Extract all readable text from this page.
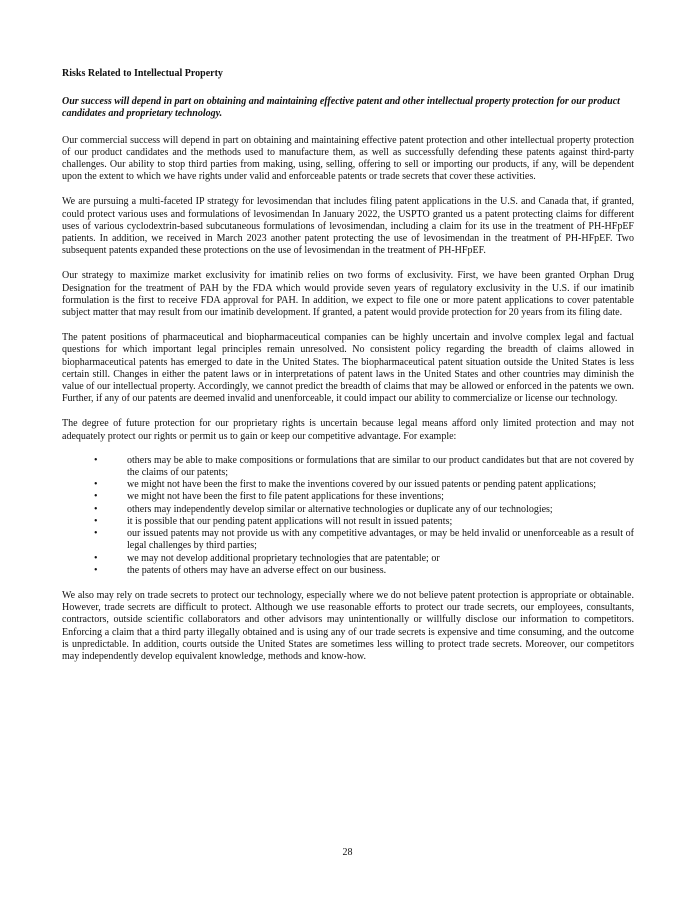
Risks Related to Intellectual Property
Our success will depend in part on obtaining and maintaining effective patent and other intellectual property protection for our product candidates and proprietary technology.

Our commercial success will depend in part on obtaining and maintaining effective patent protection and other intellectual property protection of our product candidates and the methods used to manufacture them, as well as successfully defending these patents against third-party challenges. Our ability to stop third parties from making, using, selling, offering to sell or importing our products, if any, will be dependent upon the extent to which we have rights under valid and enforceable patents or trade secrets that cover these activities.

We are pursuing a multi-faceted IP strategy for levosimendan that includes filing patent applications in the U.S. and Canada that, if granted, could protect various uses and formulations of levosimendan In January 2022, the USPTO granted us a patent protecting claims for different uses of various cyclodextrin-based subcutaneous formulations of levosimendan, including a claim for its use in the treatment of PH-HFpEF patients. In addition, we received in March 2023 another patent protecting the use of levosimendan in the treatment of PH-HFpEF. Two subsequent patents expanded these protections on the use of levosimendan in the treatment of PH-HFpEF.

Our strategy to maximize market exclusivity for imatinib relies on two forms of exclusivity. First, we have been granted Orphan Drug Designation for the treatment of PAH by the FDA which would provide seven years of regulatory exclusivity in the U.S. if our imatinib formulation is the first to receive FDA approval for PAH. In addition, we expect to file one or more patent applications to cover patentable subject matter that may result from our imatinib development. If granted, a patent would provide protection for 20 years from its filing date.

The patent positions of pharmaceutical and biopharmaceutical companies can be highly uncertain and involve complex legal and factual questions for which important legal principles remain unresolved. No consistent policy regarding the breadth of claims allowed in biopharmaceutical patents has emerged to date in the United States. The biopharmaceutical patent situation outside the United States is less certain still. Changes in either the patent laws or in interpretations of patent laws in the United States and other countries may diminish the value of our intellectual property. Accordingly, we cannot predict the breadth of claims that may be allowed or enforced in the patents we own. Further, if any of our patents are deemed invalid and unenforceable, it could impact our ability to commercialize or license our technology.

The degree of future protection for our proprietary rights is uncertain because legal means afford only limited protection and may not adequately protect our rights or permit us to gain or keep our competitive advantage. For example:

•	others may be able to make compositions or formulations that are similar to our product candidates but that are not covered by the claims of our patents;
•	we might not have been the first to make the inventions covered by our issued patents or pending patent applications;
•	we might not have been the first to file patent applications for these inventions;
•	others may independently develop similar or alternative technologies or duplicate any of our technologies;
•	it is possible that our pending patent applications will not result in issued patents;
•	our issued patents may not provide us with any competitive advantages, or may be held invalid or unenforceable as a result of legal challenges by third parties;
•	we may not develop additional proprietary technologies that are patentable; or
•	the patents of others may have an adverse effect on our business.

We also may rely on trade secrets to protect our technology, especially where we do not believe patent protection is appropriate or obtainable. However, trade secrets are difficult to protect. Although we use reasonable efforts to protect our trade secrets, our employees, consultants, contractors, outside scientific collaborators and other advisors may unintentionally or willfully disclose our information to competitors. Enforcing a claim that a third party illegally obtained and is using any of our trade secrets is expensive and time consuming, and the outcome is unpredictable. In addition, courts outside the United States are sometimes less willing to protect trade secrets. Moreover, our competitors may independently develop equivalent knowledge, methods and know-how.

28
